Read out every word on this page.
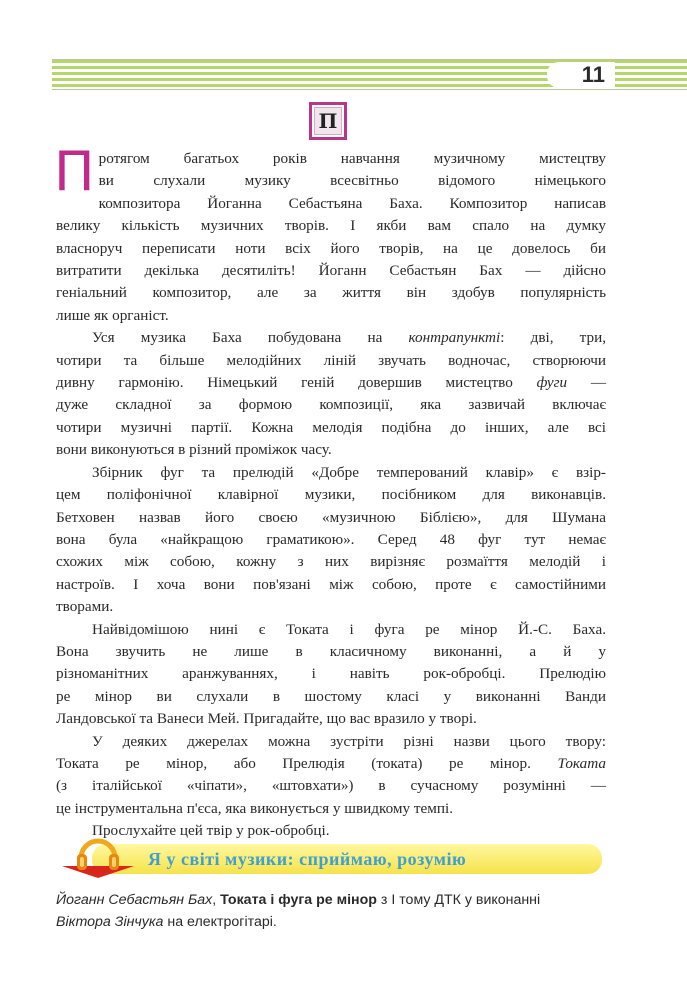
11
П

П ротягом багатьох років навчання музичному мистецтву
ви слухали музику всесвітньо відомого німецького
композитора Йоганна Себастьяна Баха. Композитор написав
велику кількість музичних творів. І якби вам спало на думку
власноруч переписати ноти всіх його творів, на це довелось би
витратити декілька десятиліть! Йоганн Себастьян Бах — дійсно
геніальний композитор, але за життя він здобув популярність
лише як органіст.

Уся музика Баха побудована на контрапункті: дві, три,
чотири та більше мелодійних ліній звучать водночас, створюючи
дивну гармонію. Німецький геній довершив мистецтво фуги —
дуже складної за формою композиції, яка зазвичай включає
чотири музичні партії. Кожна мелодія подібна до інших, але всі
вони виконуються в різний проміжок часу.

Збірник фуг та прелюдій «Добре темперований клавір» є взір-
цем поліфонічної клавірної музики, посібником для виконавців.
Бетховен назвав його своєю «музичною Біблією», для Шумана
вона була «найкращою граматикою». Серед 48 фуг тут немає
схожих між собою, кожну з них вирізняє розмаїття мелодій і
настроїв. І хоча вони пов'язані між собою, проте є самостійними
творами.

Найвідомішою нині є Токата і фуга ре мінор Й.-С. Баха.
Вона звучить не лише в класичному виконанні, а й у
різноманітних аранжуваннях, і навіть рок-обробці. Прелюдію
ре мінор ви слухали в шостому класі у виконанні Ванди
Ландовської та Ванеси Мей. Пригадайте, що вас вразило у творі.

У деяких джерелах можна зустріти різні назви цього твору:
Токата ре мінор, або Прелюдія (токата) ре мінор. Токата
(з італійської «чіпати», «штовхати») в сучасному розумінні —
це інструментальна п'єса, яка виконується у швидкому темпі.

Прослухайте цей твір у рок-обробці.

Я у світі музики: сприймаю, розумію
Йоганн Себастьян Бах, Токата і фуга ре мінор з І тому ДТК у виконанні
Віктора Зінчука на електрогітарі.
